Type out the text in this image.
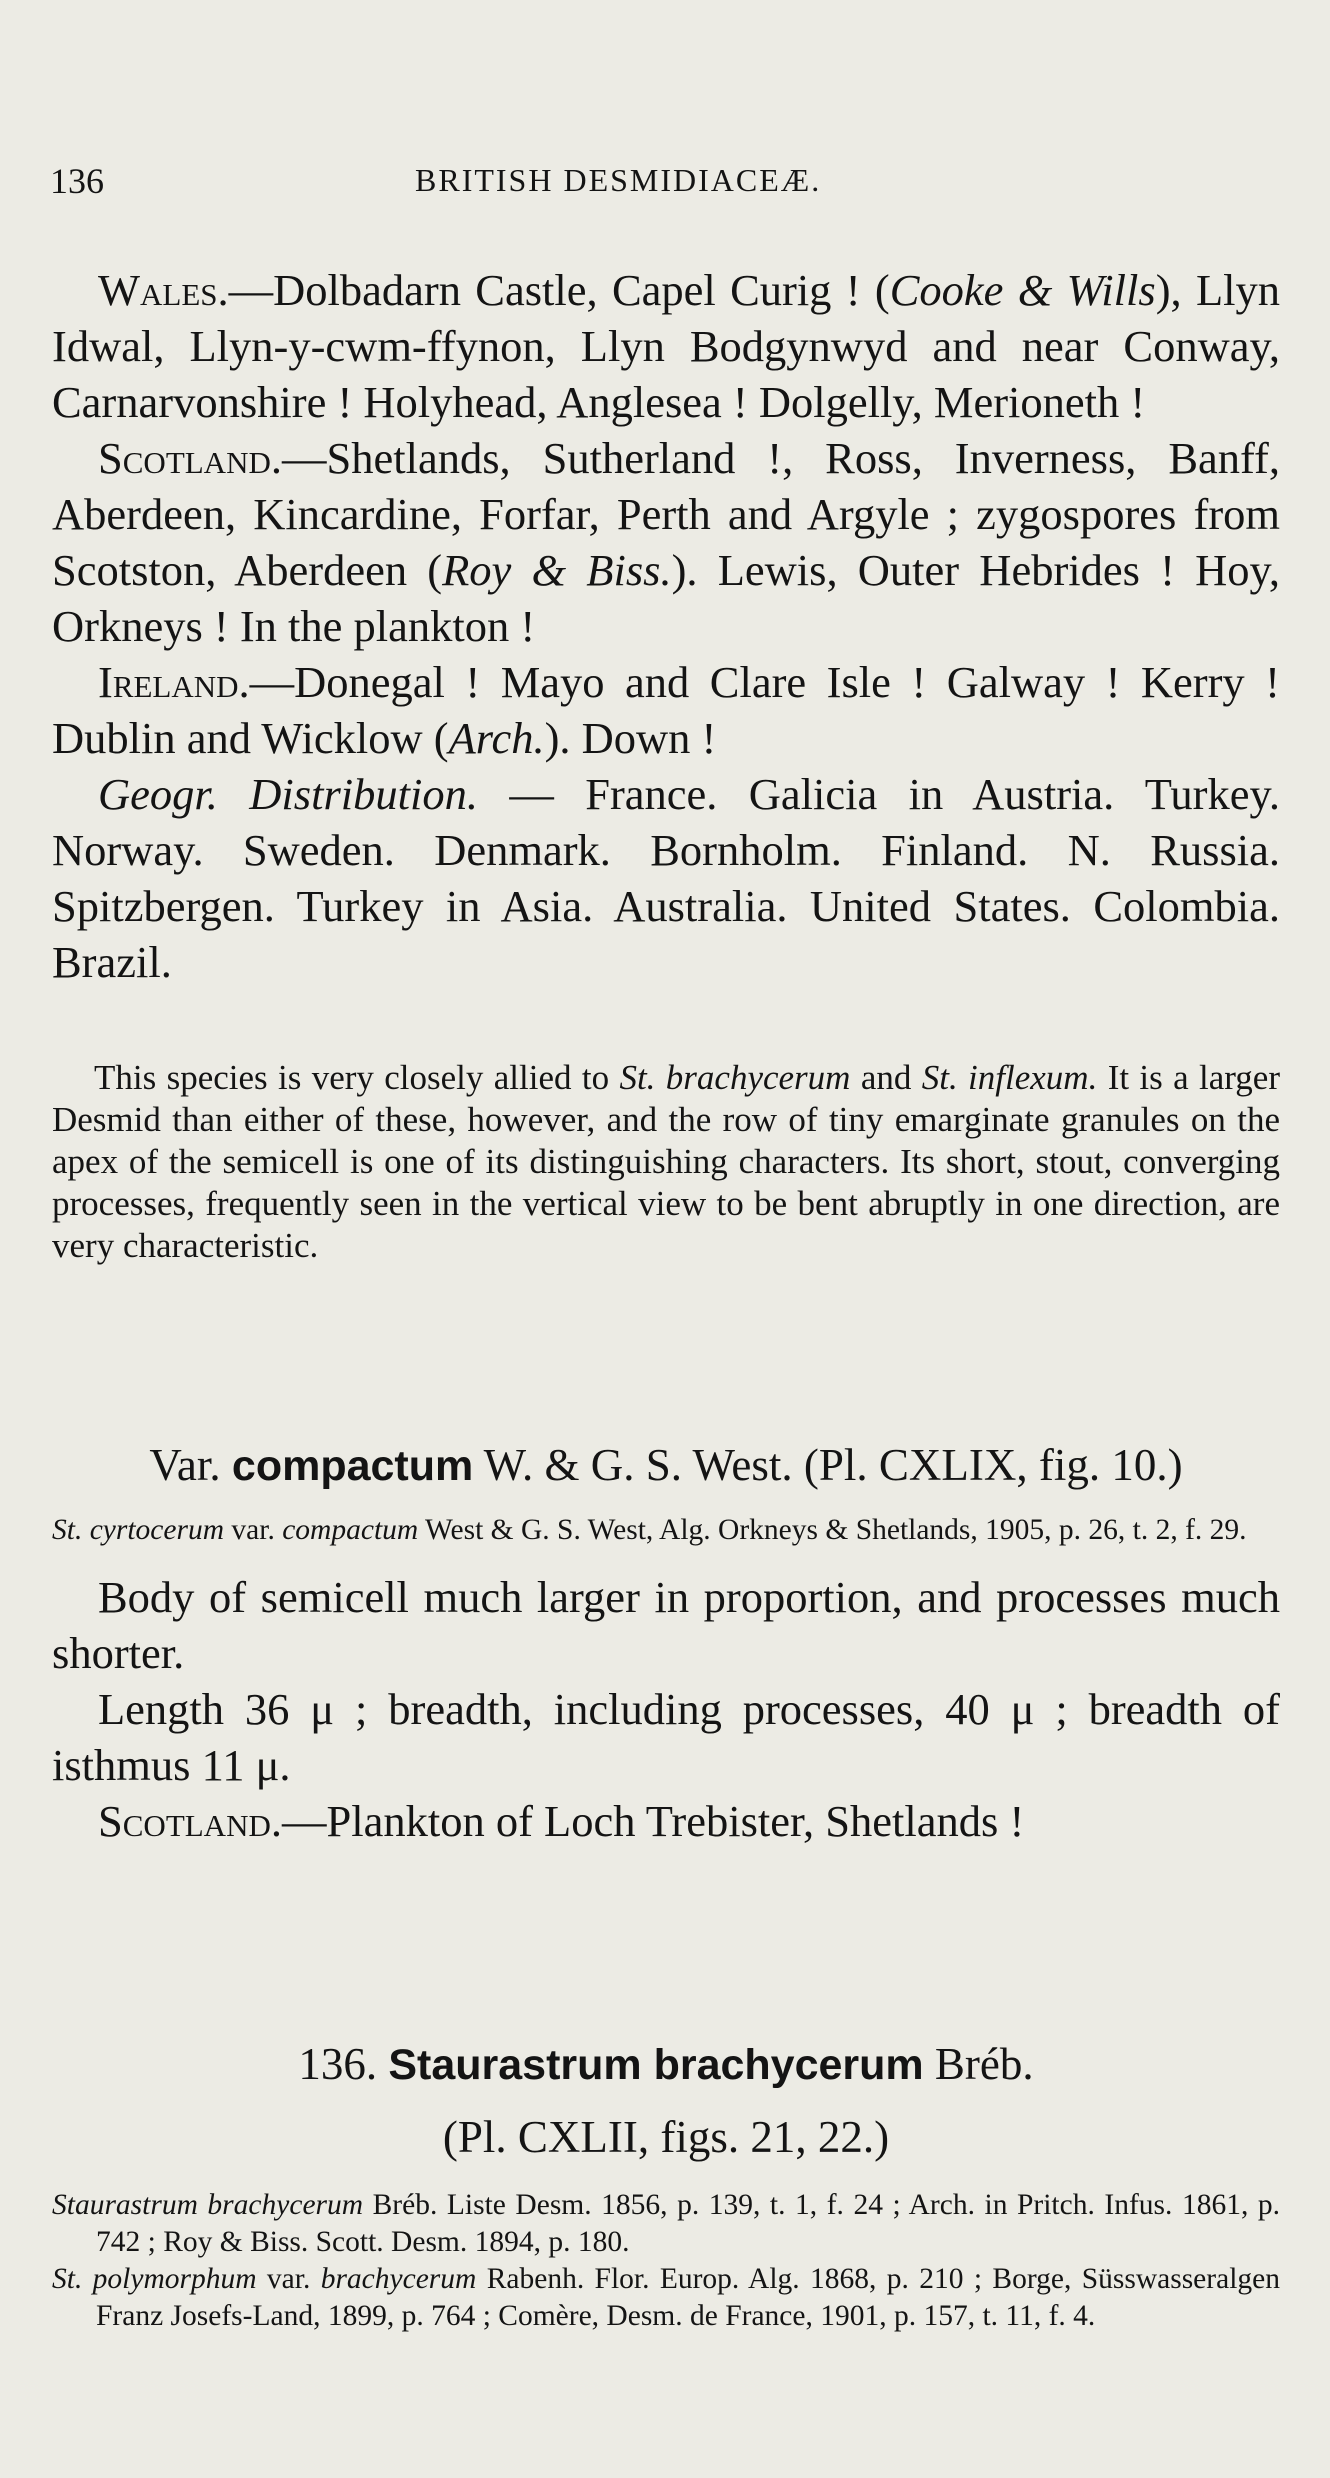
136	BRITISH DESMIDIACEÆ.

Wales.—Dolbadarn Castle, Capel Curig ! (Cooke & Wills), Llyn Idwal, Llyn-y-cwm-ffynon, Llyn Bodgynwyd and near Conway, Carnarvonshire ! Holyhead, Anglesea ! Dolgelly, Merioneth !

Scotland.—Shetlands, Sutherland !, Ross, Inverness, Banff, Aberdeen, Kincardine, Forfar, Perth and Argyle ; zygospores from Scotston, Aberdeen (Roy & Biss.). Lewis, Outer Hebrides ! Hoy, Orkneys ! In the plankton !

Ireland.—Donegal ! Mayo and Clare Isle ! Galway ! Kerry ! Dublin and Wicklow (Arch.). Down !

Geogr. Distribution. — France. Galicia in Austria. Turkey. Norway. Sweden. Denmark. Bornholm. Finland. N. Russia. Spitzbergen. Turkey in Asia. Australia. United States. Colombia. Brazil.

This species is very closely allied to St. brachycerum and St. inflexum. It is a larger Desmid than either of these, however, and the row of tiny emarginate granules on the apex of the semicell is one of its distinguishing characters. Its short, stout, converging processes, frequently seen in the vertical view to be bent abruptly in one direction, are very characteristic.

Var. compactum W. & G. S. West. (Pl. CXLIX, fig. 10.)

St. cyrtocerum var. compactum West & G. S. West, Alg. Orkneys & Shetlands, 1905, p. 26, t. 2, f. 29.

Body of semicell much larger in proportion, and processes much shorter.

Length 36 μ ; breadth, including processes, 40 μ ; breadth of isthmus 11 μ.

Scotland.—Plankton of Loch Trebister, Shetlands !

136. Staurastrum brachycerum Bréb.
(Pl. CXLII, figs. 21, 22.)

Staurastrum brachycerum Bréb. Liste Desm. 1856, p. 139, t. 1, f. 24 ; Arch. in Pritch. Infus. 1861, p. 742 ; Roy & Biss. Scott. Desm. 1894, p. 180.

St. polymorphum var. brachycerum Rabenh. Flor. Europ. Alg. 1868, p. 210 ; Borge, Süsswasseralgen Franz Josefs-Land, 1899, p. 764 ; Comère, Desm. de France, 1901, p. 157, t. 11, f. 4.
